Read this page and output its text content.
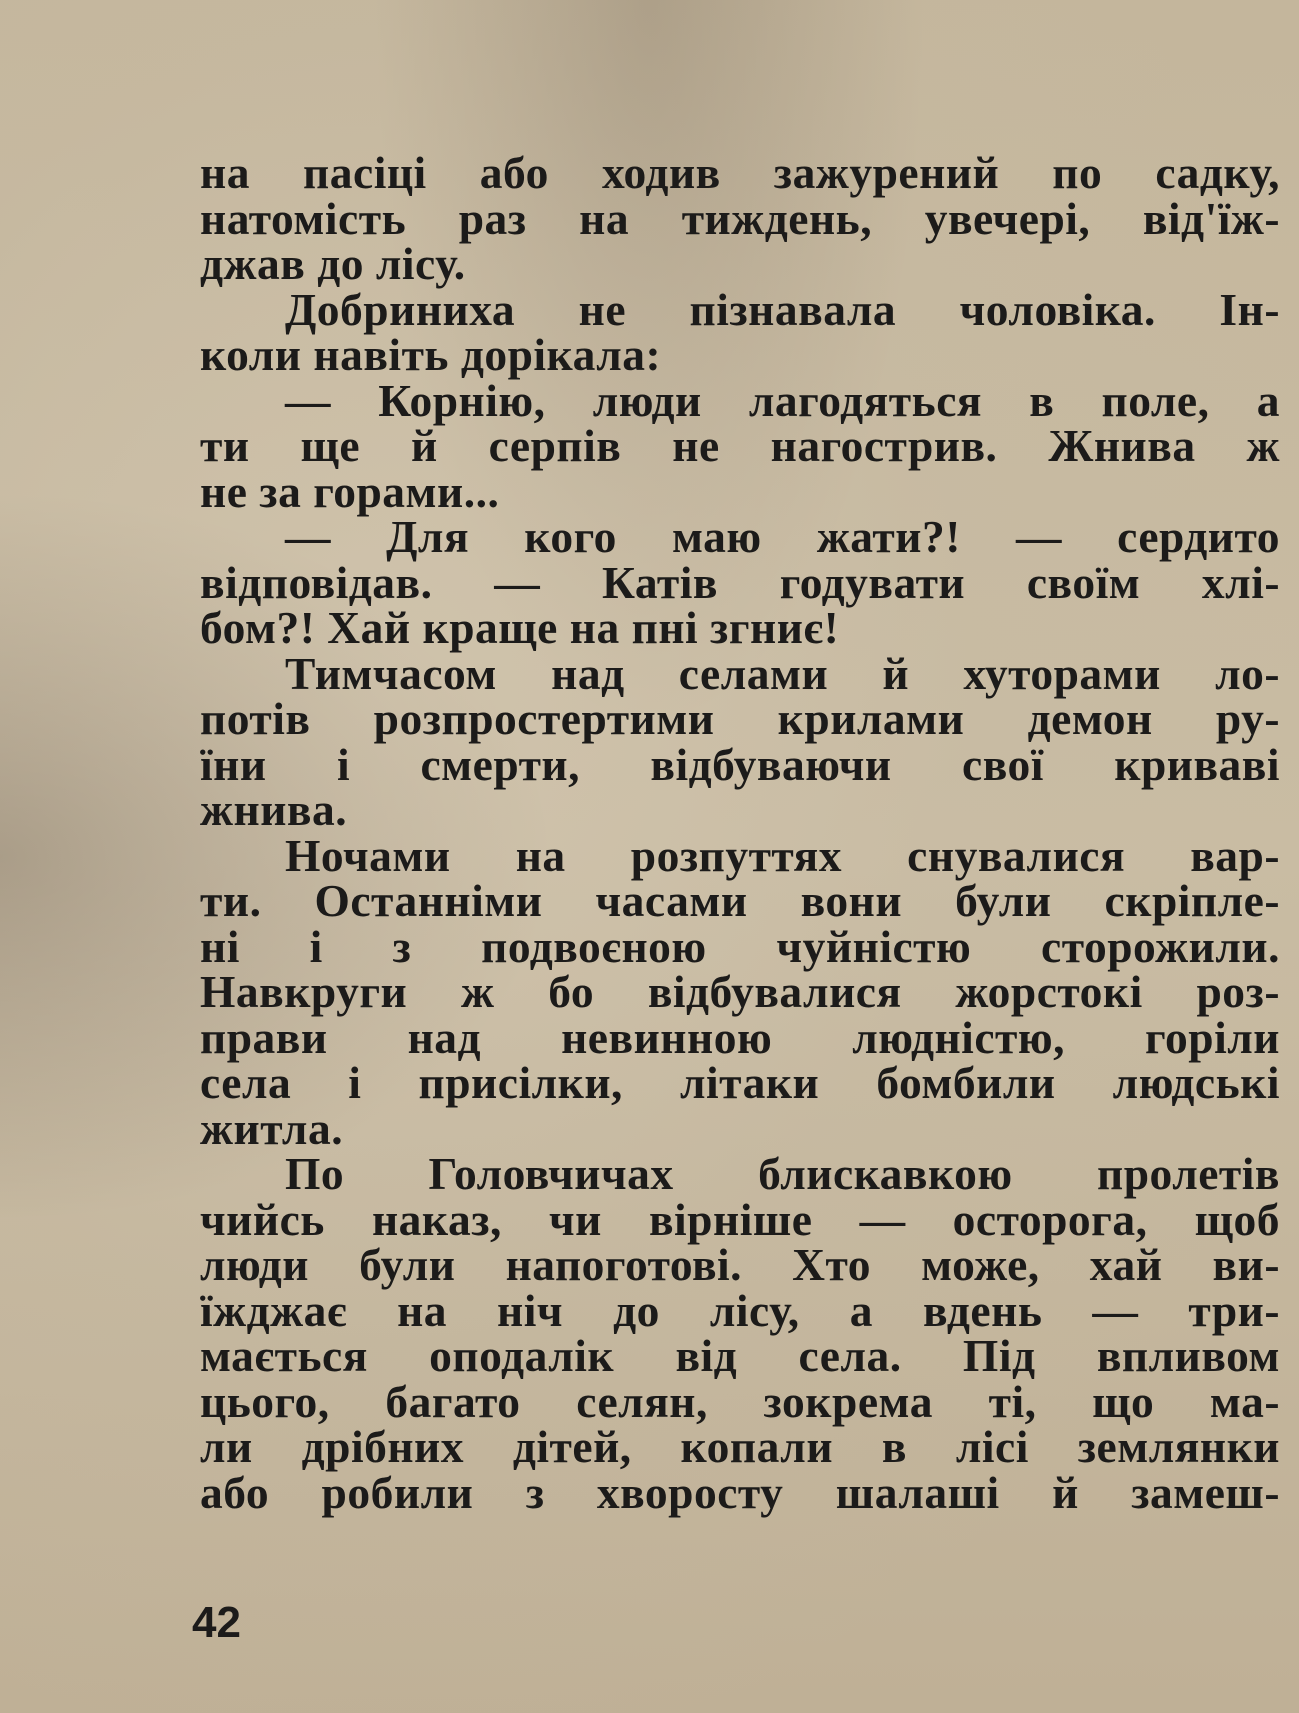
на пасіці або ходив зажурений по садку,
натомість раз на тиждень, увечері, від'їж-
джав до лісу.
Добриниха не пізнавала чоловіка. Ін-
коли навіть дорікала:
— Корнію, люди лагодяться в поле, а
ти ще й серпів не нагострив. Жнива ж
не за горами...
— Для кого маю жати?! — сердито
відповідав. — Катів годувати своїм хлі-
бом?! Хай краще на пні згниє!
Тимчасом над селами й хуторами ло-
потів розпростертими крилами демон ру-
їни і смерти, відбуваючи свої криваві
жнива.
Ночами на розпуттях снувалися вар-
ти. Останніми часами вони були скріпле-
ні і з подвоєною чуйністю сторожили.
Навкруги ж бо відбувалися жорстокі роз-
прави над невинною людністю, горіли
села і присілки, літаки бомбили людські
житла.
По Головчичах блискавкою пролетів
чийсь наказ, чи вірніше — осторога, щоб
люди були напоготові. Хто може, хай ви-
їжджає на ніч до лісу, а вдень — три-
мається оподалік від села. Під впливом
цього, багато селян, зокрема ті, що ма-
ли дрібних дітей, копали в лісі землянки
або робили з хворосту шалаші й замеш-
42
